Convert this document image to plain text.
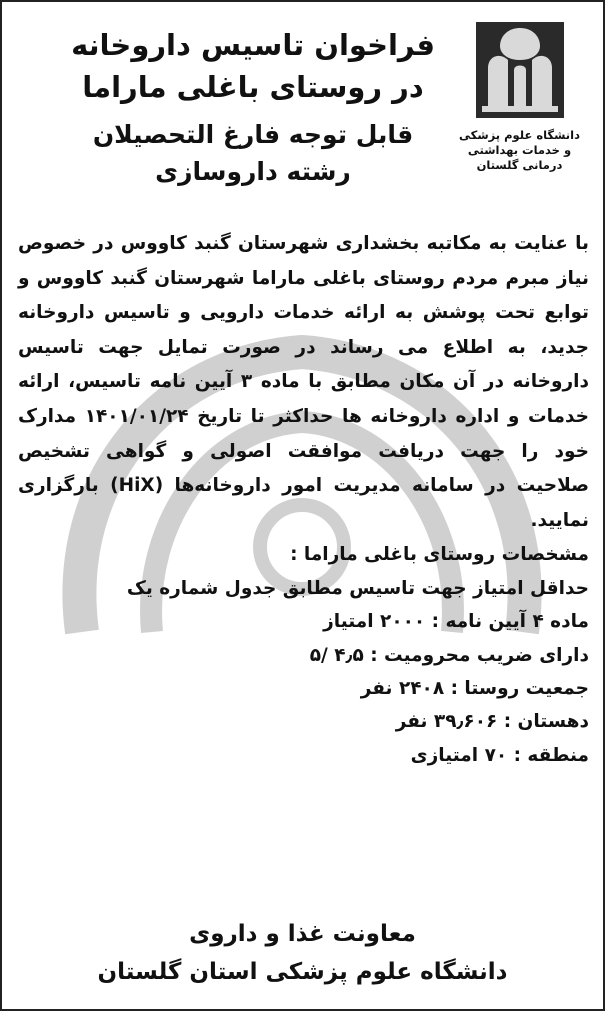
دانشگاه علوم پزشکی
و خدمات بهداشتی
درمانی گلستان

فراخوان تاسیس داروخانه

در روستای باغلی ماراما

قابل توجه فارغ التحصیلان

رشته داروسازی

با عنایت به مکاتبه بخشداری شهرستان گنبد کاووس در خصوص نیاز مبرم مردم روستای باغلی ماراما شهرستان گنبد کاووس و توابع تحت پوشش به ارائه خدمات دارویی و تاسیس داروخانه جدید، به اطلاع می رساند در صورت تمایل جهت تاسیس داروخانه در آن مکان مطابق با ماده ۳ آیین نامه تاسیس، ارائه خدمات و اداره داروخانه ها حداکثر تا تاریخ ۱۴۰۱/۰۱/۲۴ مدارک خود را جهت دریافت موافقت اصولی و گواهی تشخیص صلاحیت در سامانه مدیریت امور داروخانه‌ها (HiX) بارگزاری نمایید.

مشخصات روستای باغلی ماراما :
حداقل امتیاز جهت تاسیس مطابق جدول شماره یک
ماده ۴ آیین نامه : ۲۰۰۰ امتیاز
دارای ضریب محرومیت : ۴٫۵ /۵
جمعیت روستا : ۲۴۰۸ نفر
دهستان : ۳۹٫۶۰۶ نفر
منطقه : ۷۰ امتیازی
معاونت غذا و داروی
دانشگاه علوم پزشکی استان گلستان
